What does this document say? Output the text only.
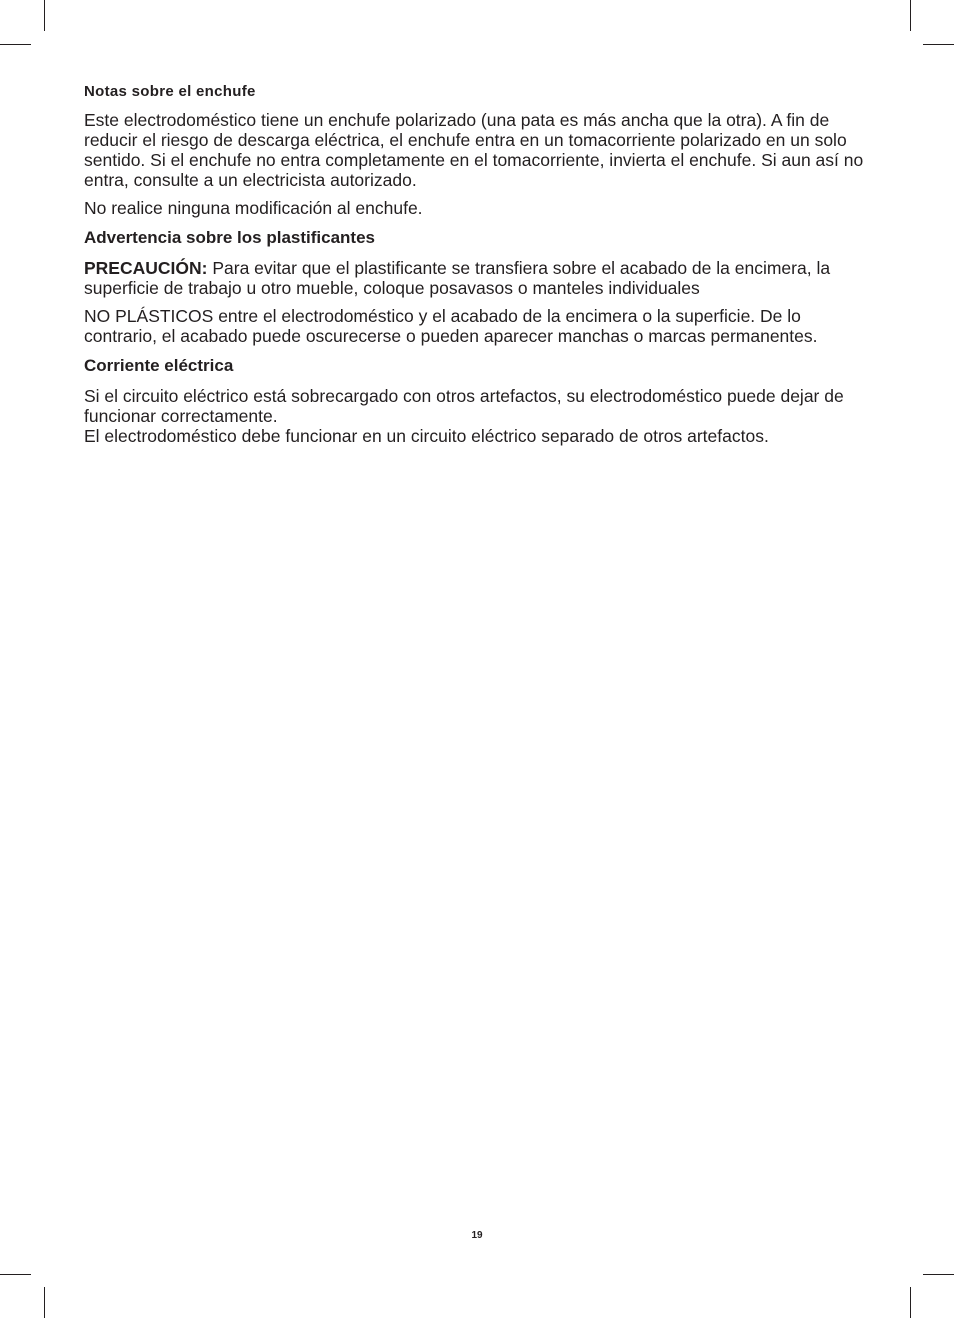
Notas sobre el enchufe

Este electrodoméstico tiene un enchufe polarizado (una pata es más ancha que la otra). A fin de reducir el riesgo de descarga eléctrica, el enchufe entra en un tomacorriente polarizado en un solo sentido. Si el enchufe no entra completamente en el tomacorriente, invierta el enchufe. Si aun así no entra, consulte a un electricista autorizado.

No realice ninguna modificación al enchufe.

Advertencia sobre los plastificantes

PRECAUCIÓN: Para evitar que el plastificante se transfiera sobre el acabado de la encimera, la superficie de trabajo u otro mueble, coloque posavasos o manteles individuales

NO PLÁSTICOS entre el electrodoméstico y el acabado de la encimera o la superficie. De lo contrario, el acabado puede oscurecerse o pueden aparecer manchas o marcas permanentes.

Corriente eléctrica

Si el circuito eléctrico está sobrecargado con otros artefactos, su electrodoméstico puede dejar de funcionar correctamente.

El electrodoméstico debe funcionar en un circuito eléctrico separado de otros artefactos.

19
